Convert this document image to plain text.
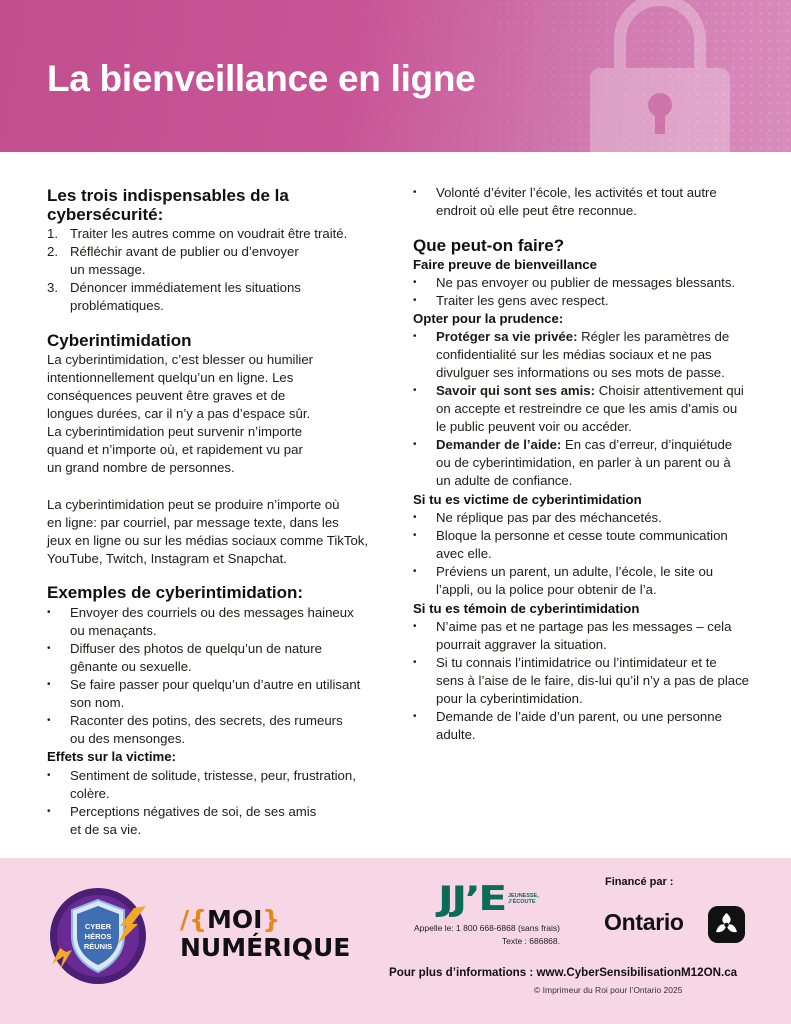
La bienveillance en ligne
Les trois indispensables de la cybersécurité:
1. Traiter les autres comme on voudrait être traité.
2. Réfléchir avant de publier ou d’envoyer
un message.
3. Dénoncer immédiatement les situations
problématiques.
Cyberintimidation

La cyberintimidation, c’est blesser ou humilier
intentionnellement quelqu’un en ligne. Les
conséquences peuvent être graves et de
longues durées, car il n’y a pas d’espace sûr.
La cyberintimidation peut survenir n’importe
quand et n’importe où, et rapidement vu par
un grand nombre de personnes.

La cyberintimidation peut se produire n’importe où
en ligne: par courriel, par message texte, dans les
jeux en ligne ou sur les médias sociaux comme TikTok,
YouTube, Twitch, Instagram et Snapchat.

Exemples de cyberintimidation:
• Envoyer des courriels ou des messages haineux
ou menaçants.
• Diffuser des photos de quelqu’un de nature
gênante ou sexuelle.
• Se faire passer pour quelqu’un d’autre en utilisant
son nom.
• Raconter des potins, des secrets, des rumeurs
ou des mensonges.
Effets sur la victime:
• Sentiment de solitude, tristesse, peur, frustration,
colère.
• Perceptions négatives de soi, de ses amis
et de sa vie.
• Volonté d’éviter l’école, les activités et tout autre
endroit où elle peut être reconnue.
Que peut-on faire?
Faire preuve de bienveillance
• Ne pas envoyer ou publier de messages blessants.
• Traiter les gens avec respect.
Opter pour la prudence:
• Protéger sa vie privée: Régler les paramètres de
confidentialité sur les médias sociaux et ne pas
divulguer ses informations ou ses mots de passe.
• Savoir qui sont ses amis: Choisir attentivement qui
on accepte et restreindre ce que les amis d’amis ou
le public peuvent voir ou accéder.
• Demander de l’aide: En cas d’erreur, d’inquiétude
ou de cyberintimidation, en parler à un parent ou à
un adulte de confiance.
Si tu es victime de cyberintimidation
• Ne réplique pas par des méchancetés.
• Bloque la personne et cesse toute communication
avec elle.
• Préviens un parent, un adulte, l’école, le site ou
l’appli, ou la police pour obtenir de l’a.
Si tu es témoin de cyberintimidation
• N’aime pas et ne partage pas les messages – cela
pourrait aggraver la situation.
• Si tu connais l’intimidatrice ou l’intimidateur et te
sens à l’aise de le faire, dis-lui qu’il n’y a pas de place
pour la cyberintimidation.
• Demande de l’aide d’un parent, ou une personne
adulte.
CYBER
HÉROS
RÉUNIS
/{MOI}
NUMÉRIQUE
JJ’E JEUNESSE,
J’ÉCOUTE
Appelle le: 1 800 668-6868 (sans frais)
Texte : 686868.
Financé par :
Ontario
Pour plus d’informations : www.CyberSensibilisationM12ON.ca
© Imprimeur du Roi pour l’Ontario 2025
